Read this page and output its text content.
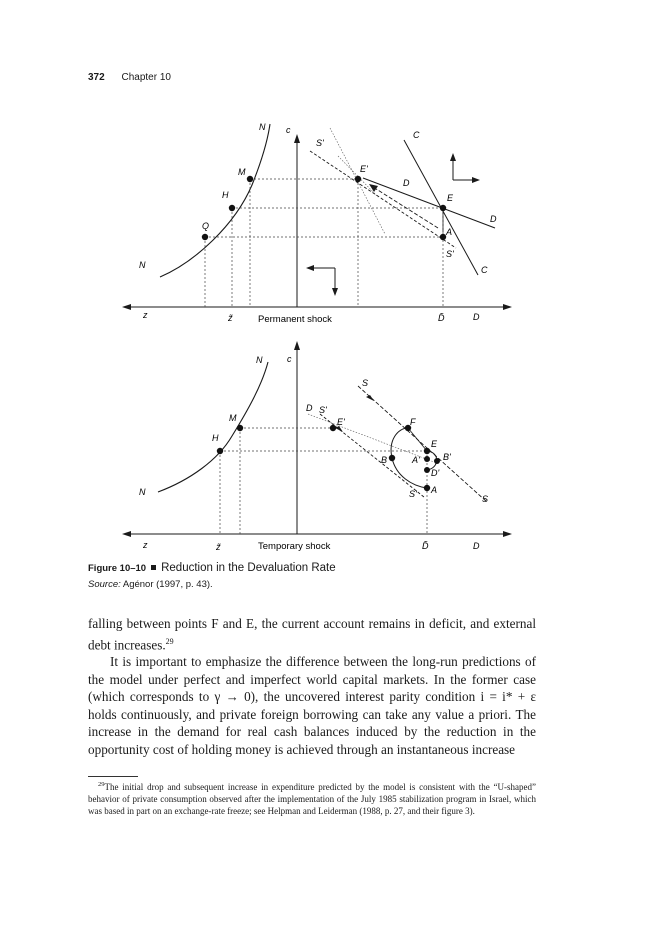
372 Chapter 10
N c
S'
C
M	E'
D
H	E
D
Q
A
S'
N	C
z	z̃	Permanent shock	D̃	D
N	c
S
D S'
E'
M	F
E
H
B	A'	B'
D'
N	S' A
S
z	z̃	Temporary shock	D̃	D
Figure 10–10 Reduction in the Devaluation Rate
Source: Agénor (1997, p. 43).

falling between points F and E, the current account remains in deficit, and external debt increases.$^{29}$

It is important to emphasize the difference between the long-run predictions of the model under perfect and imperfect world capital markets. In the former case (which corresponds to γ → 0), the uncovered interest parity condition i = i* + ε holds continuously, and private foreign borrowing can take any value a priori. The increase in the demand for real cash balances induced by the reduction in the opportunity cost of holding money is achieved through an instantaneous increase

$^{29}$The initial drop and subsequent increase in expenditure predicted by the model is consistent with the “U-shaped” behavior of private consumption observed after the implementation of the July 1985 stabilization program in Israel, which was based in part on an exchange-rate freeze; see Helpman and Leiderman (1988, p. 27, and their figure 3).
